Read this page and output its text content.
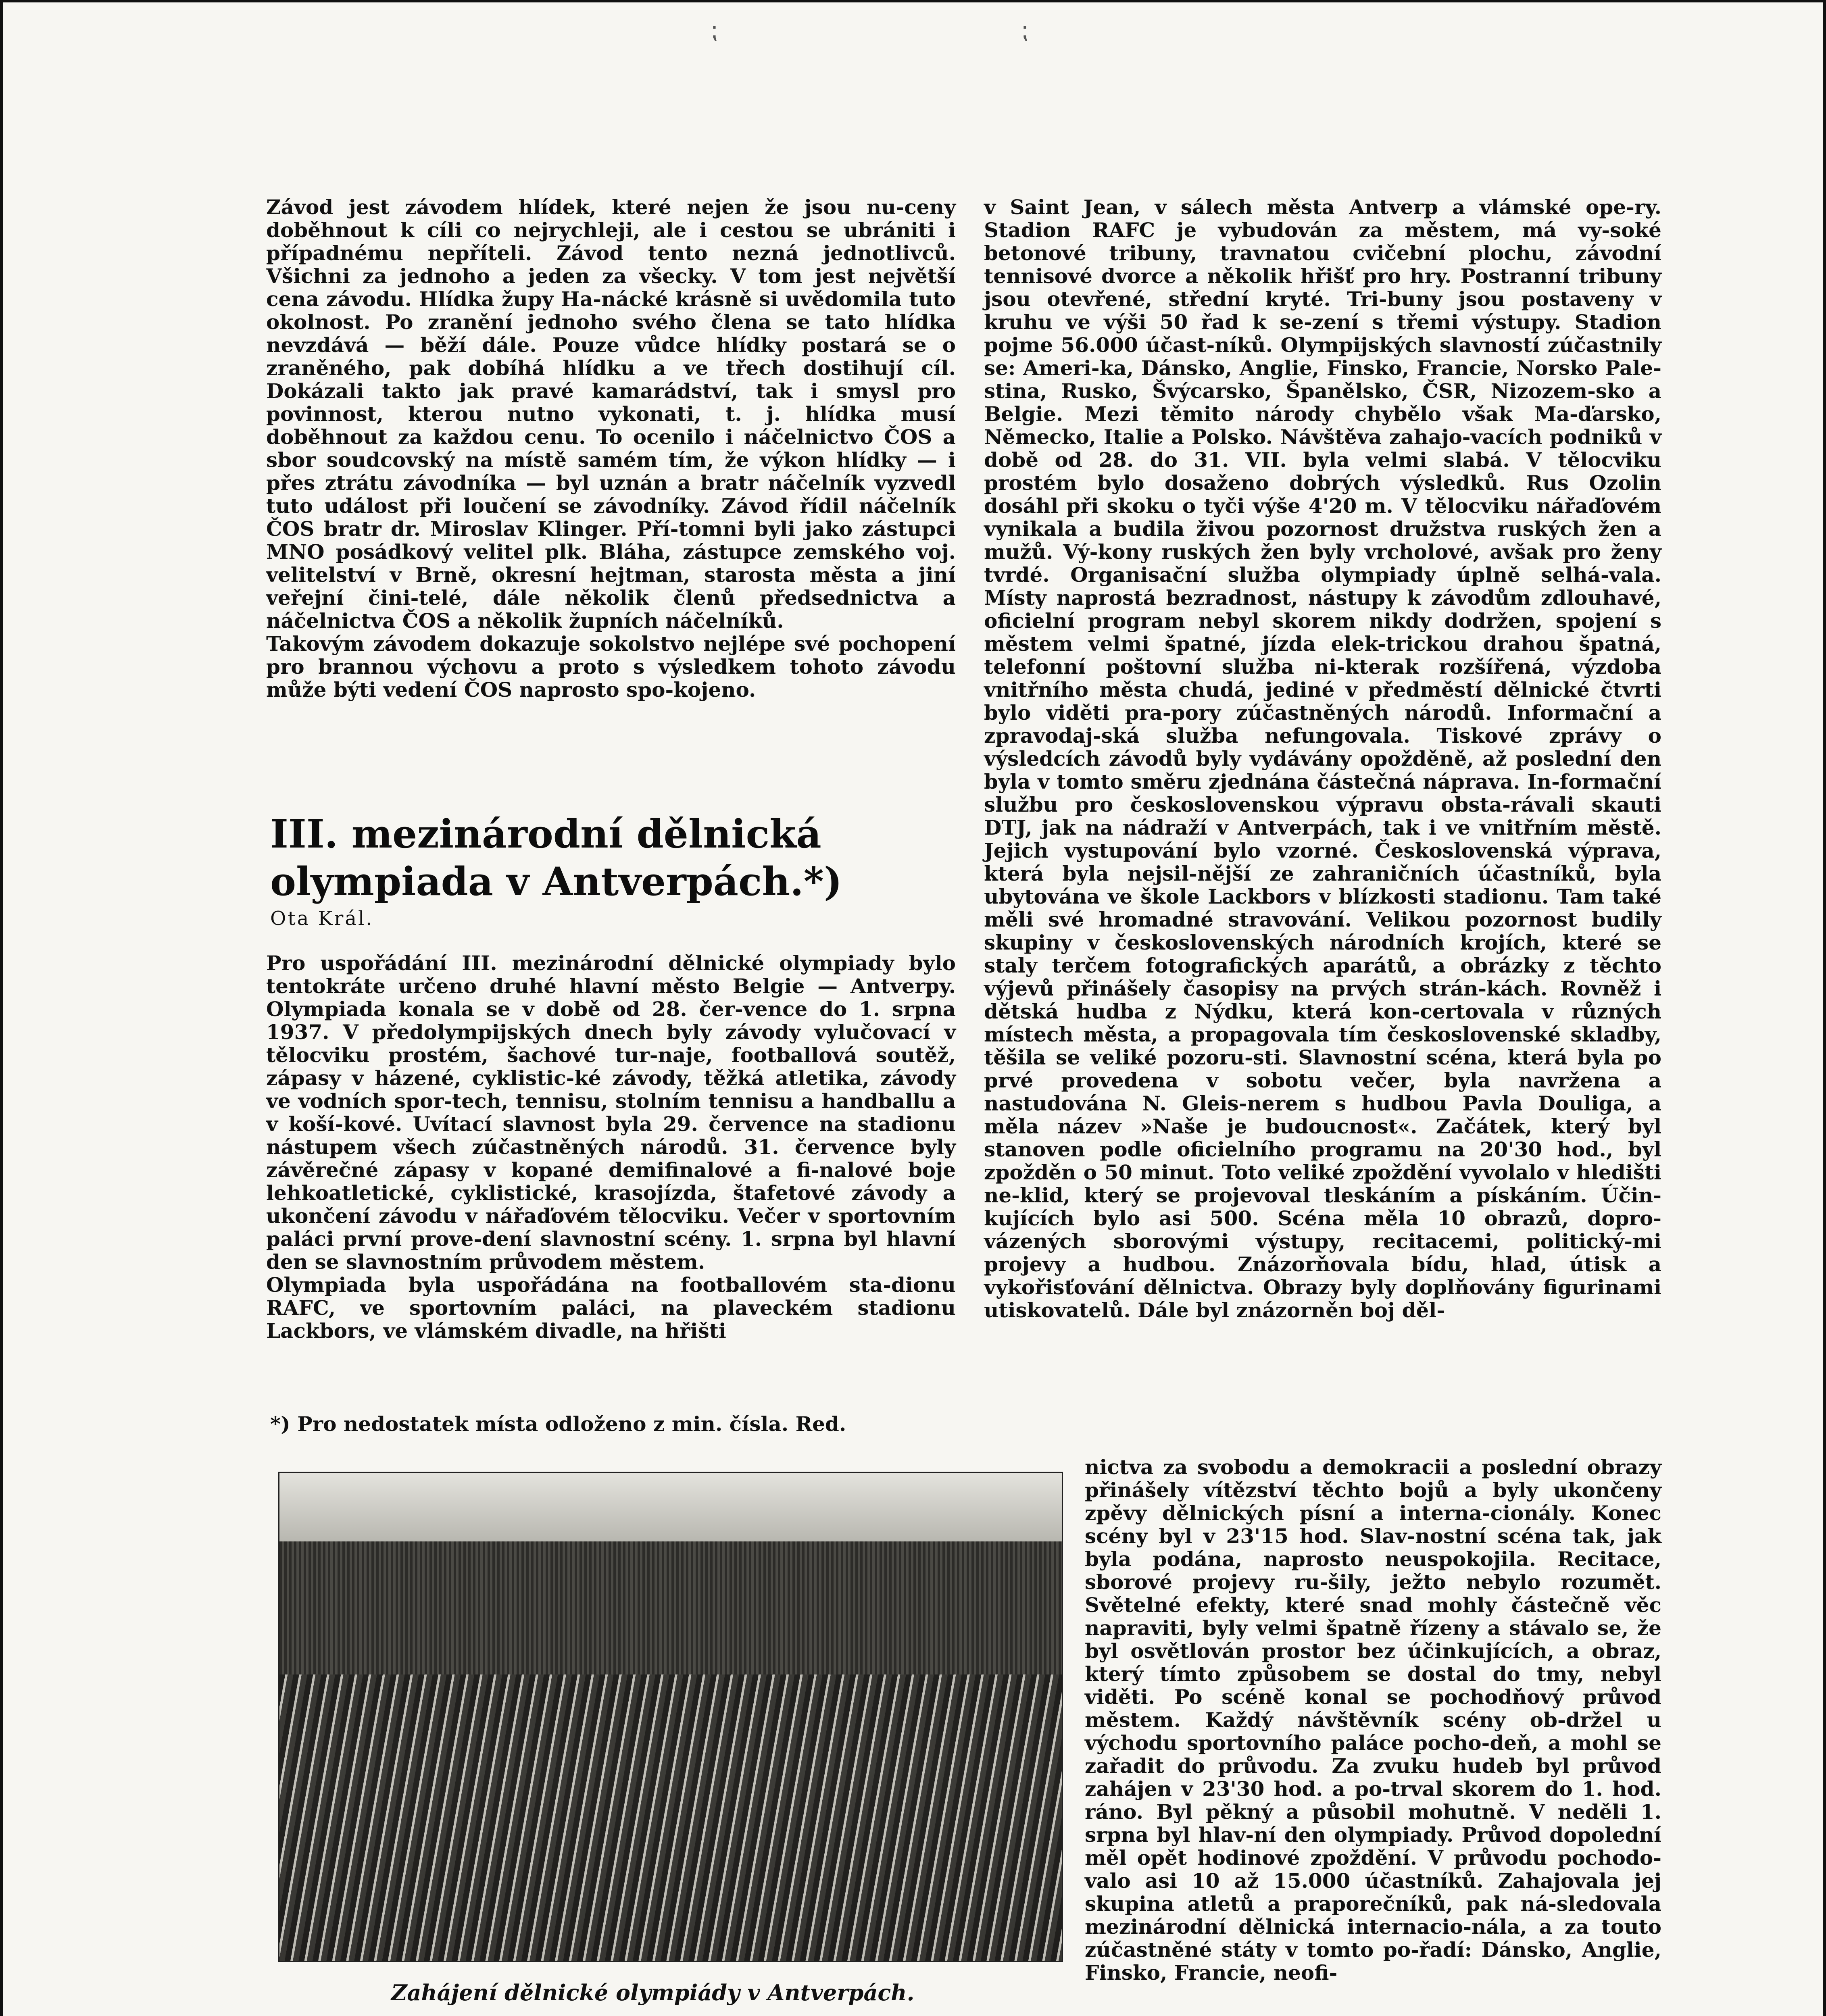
Závod jest závodem hlídek, které nejen že jsou nu-ceny doběhnout k cíli co nejrychleji, ale i cestou se ubrániti i případnému nepříteli. Závod tento nezná jednotlivců. Všichni za jednoho a jeden za všecky. V tom jest největší cena závodu. Hlídka župy Ha-nácké krásně si uvědomila tuto okolnost. Po zranění jednoho svého člena se tato hlídka nevzdává — běží dále. Pouze vůdce hlídky postará se o zraněného, pak dobíhá hlídku a ve třech dostihují cíl. Dokázali takto jak pravé kamarádství, tak i smysl pro povinnost, kterou nutno vykonati, t. j. hlídka musí doběhnout za každou cenu. To ocenilo i náčelnictvo ČOS a sbor soudcovský na místě samém tím, že výkon hlídky — i přes ztrátu závodníka — byl uznán a bratr náčelník vyzvedl tuto událost při loučení se závodníky. Závod řídil náčelník ČOS bratr dr. Miroslav Klinger. Pří-tomni byli jako zástupci MNO posádkový velitel plk. Bláha, zástupce zemského voj. velitelství v Brně, okresní hejtman, starosta města a jiní veřejní čini-telé, dále několik členů předsednictva a náčelnictva ČOS a několik župních náčelníků.

Takovým závodem dokazuje sokolstvo nejlépe své pochopení pro brannou výchovu a proto s výsledkem tohoto závodu může býti vedení ČOS naprosto spo-kojeno.

III. mezinárodní dělnická olympiada v Antverpách.*)
Ota Král.

Pro uspořádání III. mezinárodní dělnické olympiady bylo tentokráte určeno druhé hlavní město Belgie — Antverpy. Olympiada konala se v době od 28. čer-vence do 1. srpna 1937. V předolympijských dnech byly závody vylučovací v tělocviku prostém, šachové tur-naje, footballová soutěž, zápasy v házené, cyklistic-ké závody, těžká atletika, závody ve vodních spor-tech, tennisu, stolním tennisu a handballu a v koší-kové. Uvítací slavnost byla 29. července na stadionu nástupem všech zúčastněných národů. 31. července byly závěrečné zápasy v kopané demifinalové a fi-nalové boje lehkoatletické, cyklistické, krasojízda, štafetové závody a ukončení závodu v nářaďovém tělocviku. Večer v sportovním paláci první prove-dení slavnostní scény. 1. srpna byl hlavní den se slavnostním průvodem městem.

Olympiada byla uspořádána na footballovém sta-dionu RAFC, ve sportovním paláci, na plaveckém stadionu Lackbors, ve vlámském divadle, na hřišti

*) Pro nedostatek místa odloženo z min. čísla. Red.

v Saint Jean, v sálech města Antverp a vlámské ope-ry. Stadion RAFC je vybudován za městem, má vy-soké betonové tribuny, travnatou cvičební plochu, závodní tennisové dvorce a několik hřišť pro hry. Postranní tribuny jsou otevřené, střední kryté. Tri-buny jsou postaveny v kruhu ve výši 50 řad k se-zení s třemi výstupy. Stadion pojme 56.000 účast-níků. Olympijských slavností zúčastnily se: Ameri-ka, Dánsko, Anglie, Finsko, Francie, Norsko Pale-stina, Rusko, Švýcarsko, Španělsko, ČSR, Nizozem-sko a Belgie. Mezi těmito národy chybělo však Ma-ďarsko, Německo, Italie a Polsko. Návštěva zahajo-vacích podniků v době od 28. do 31. VII. byla velmi slabá. V tělocviku prostém bylo dosaženo dobrých výsledků. Rus Ozolin dosáhl při skoku o tyči výše 4'20 m. V tělocviku nářaďovém vynikala a budila živou pozornost družstva ruských žen a mužů. Vý-kony ruských žen byly vrcholové, avšak pro ženy tvrdé. Organisační služba olympiady úplně selhá-vala. Místy naprostá bezradnost, nástupy k závodům zdlouhavé, oficielní program nebyl skorem nikdy dodržen, spojení s městem velmi špatné, jízda elek-trickou drahou špatná, telefonní poštovní služba ni-kterak rozšířená, výzdoba vnitřního města chudá, jediné v předměstí dělnické čtvrti bylo viděti pra-pory zúčastněných národů. Informační a zpravodaj-ská služba nefungovala. Tiskové zprávy o výsledcích závodů byly vydávány opožděně, až poslední den byla v tomto směru zjednána částečná náprava. In-formační službu pro československou výpravu obsta-rávali skauti DTJ, jak na nádraží v Antverpách, tak i ve vnitřním městě. Jejich vystupování bylo vzorné. Československá výprava, která byla nejsil-nější ze zahraničních účastníků, byla ubytována ve škole Lackbors v blízkosti stadionu. Tam také měli své hromadné stravování. Velikou pozornost budily skupiny v československých národních krojích, které se staly terčem fotografických aparátů, a obrázky z těchto výjevů přinášely časopisy na prvých strán-kách. Rovněž i dětská hudba z Nýdku, která kon-certovala v různých místech města, a propagovala tím československé skladby, těšila se veliké pozoru-sti. Slavnostní scéna, která byla po prvé provedena v sobotu večer, byla navržena a nastudována N. Gleis-nerem s hudbou Pavla Douliga, a měla název »Naše je budoucnost«. Začátek, který byl stanoven podle oficielního programu na 20'30 hod., byl zpožděn o 50 minut. Toto veliké zpoždění vyvolalo v hledišti ne-klid, který se projevoval tleskáním a pískáním. Účin-kujících bylo asi 500. Scéna měla 10 obrazů, dopro-vázených sborovými výstupy, recitacemi, politický-mi projevy a hudbou. Znázorňovala bídu, hlad, útisk a vykořisťování dělnictva. Obrazy byly doplňovány figurinami utiskovatelů. Dále byl znázorněn boj děl-

nictva za svobodu a demokracii a poslední obrazy přinášely vítězství těchto bojů a byly ukončeny zpěvy dělnických písní a interna-cionály. Konec scény byl v 23'15 hod. Slav-nostní scéna tak, jak byla podána, naprosto neuspokojila. Recitace, sborové projevy ru-šily, ježto nebylo rozumět. Světelné efekty, které snad mohly částečně věc napraviti, byly velmi špatně řízeny a stávalo se, že byl osvětlován prostor bez účinkujících, a obraz, který tímto způsobem se dostal do tmy, nebyl viděti. Po scéně konal se pochodňový průvod městem. Každý návštěvník scény ob-držel u východu sportovního paláce pocho-deň, a mohl se zařadit do průvodu. Za zvuku hudeb byl průvod zahájen v 23'30 hod. a po-trval skorem do 1. hod. ráno. Byl pěkný a působil mohutně. V neděli 1. srpna byl hlav-ní den olympiady. Průvod dopolední měl opět hodinové zpoždění. V průvodu pochodo-valo asi 10 až 15.000 účastníků. Zahajovala jej skupina atletů a praporečníků, pak ná-sledovala mezinárodní dělnická internacio-nála, a za touto zúčastněné státy v tomto po-řadí: Dánsko, Anglie, Finsko, Francie, neofi-

Zahájení dělnické olympiády v Antverpách.
⁏	⁏
